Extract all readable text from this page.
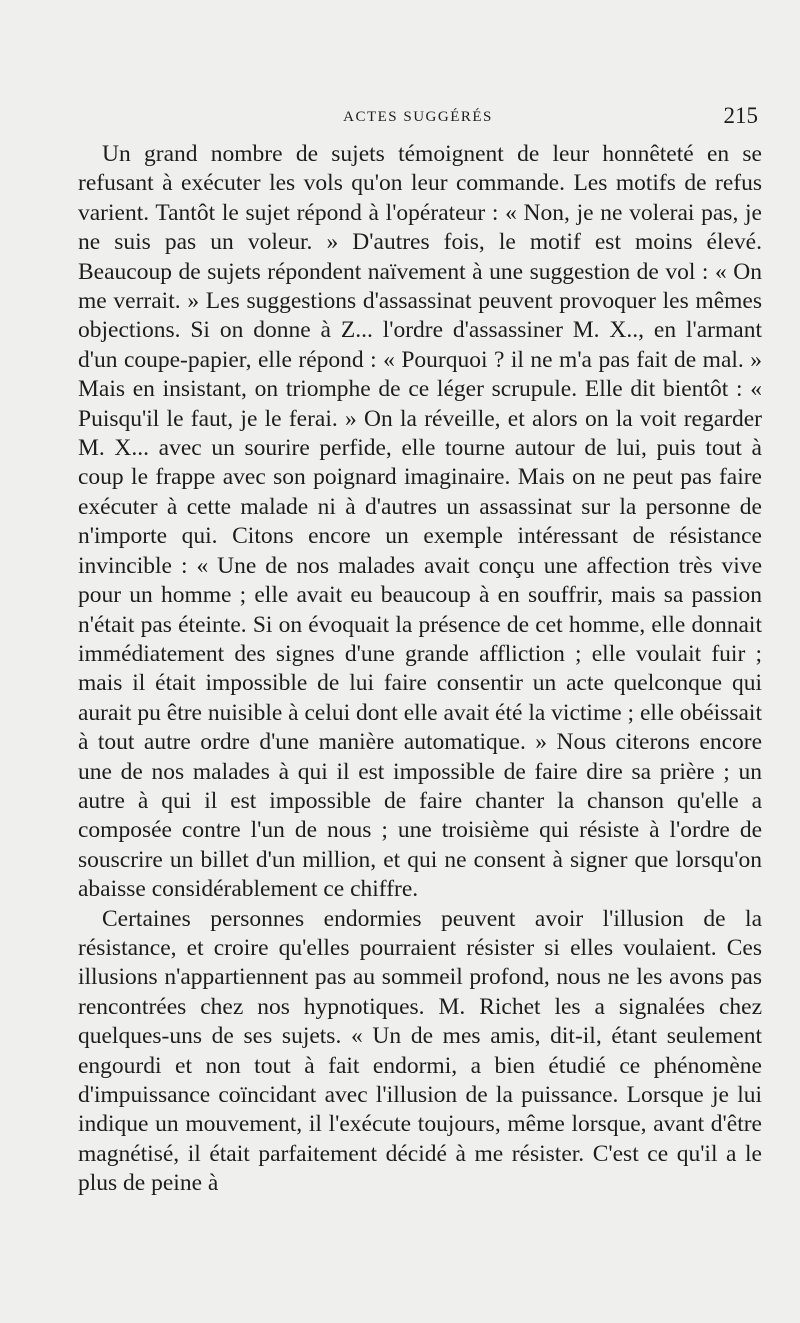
ACTES SUGGÉRÉS	215

Un grand nombre de sujets témoignent de leur honnêteté en se refusant à exécuter les vols qu'on leur commande. Les motifs de refus varient. Tantôt le sujet répond à l'opérateur : « Non, je ne volerai pas, je ne suis pas un voleur. » D'autres fois, le motif est moins élevé. Beaucoup de sujets répondent naïvement à une suggestion de vol : « On me verrait. » Les suggestions d'assassinat peuvent provoquer les mêmes objections. Si on donne à Z... l'ordre d'assassiner M. X.., en l'armant d'un coupe-papier, elle répond : « Pourquoi ? il ne m'a pas fait de mal. » Mais en insistant, on triomphe de ce léger scrupule. Elle dit bientôt : « Puisqu'il le faut, je le ferai. » On la réveille, et alors on la voit regarder M. X... avec un sourire perfide, elle tourne autour de lui, puis tout à coup le frappe avec son poignard imaginaire. Mais on ne peut pas faire exécuter à cette malade ni à d'autres un assassinat sur la personne de n'importe qui. Citons encore un exemple intéressant de résistance invincible : « Une de nos malades avait conçu une affection très vive pour un homme ; elle avait eu beaucoup à en souffrir, mais sa passion n'était pas éteinte. Si on évoquait la présence de cet homme, elle donnait immédiatement des signes d'une grande affliction ; elle voulait fuir ; mais il était impossible de lui faire consentir un acte quelconque qui aurait pu être nuisible à celui dont elle avait été la victime ; elle obéissait à tout autre ordre d'une manière automatique. » Nous citerons encore une de nos malades à qui il est impossible de faire dire sa prière ; un autre à qui il est impossible de faire chanter la chanson qu'elle a composée contre l'un de nous ; une troisième qui résiste à l'ordre de souscrire un billet d'un million, et qui ne consent à signer que lorsqu'on abaisse considérablement ce chiffre.

Certaines personnes endormies peuvent avoir l'illusion de la résistance, et croire qu'elles pourraient résister si elles voulaient. Ces illusions n'appartiennent pas au sommeil profond, nous ne les avons pas rencontrées chez nos hypnotiques. M. Richet les a signalées chez quelques-uns de ses sujets. « Un de mes amis, dit-il, étant seulement engourdi et non tout à fait endormi, a bien étudié ce phénomène d'impuissance coïncidant avec l'illusion de la puissance. Lorsque je lui indique un mouvement, il l'exécute toujours, même lorsque, avant d'être magnétisé, il était parfaitement décidé à me résister. C'est ce qu'il a le plus de peine à
